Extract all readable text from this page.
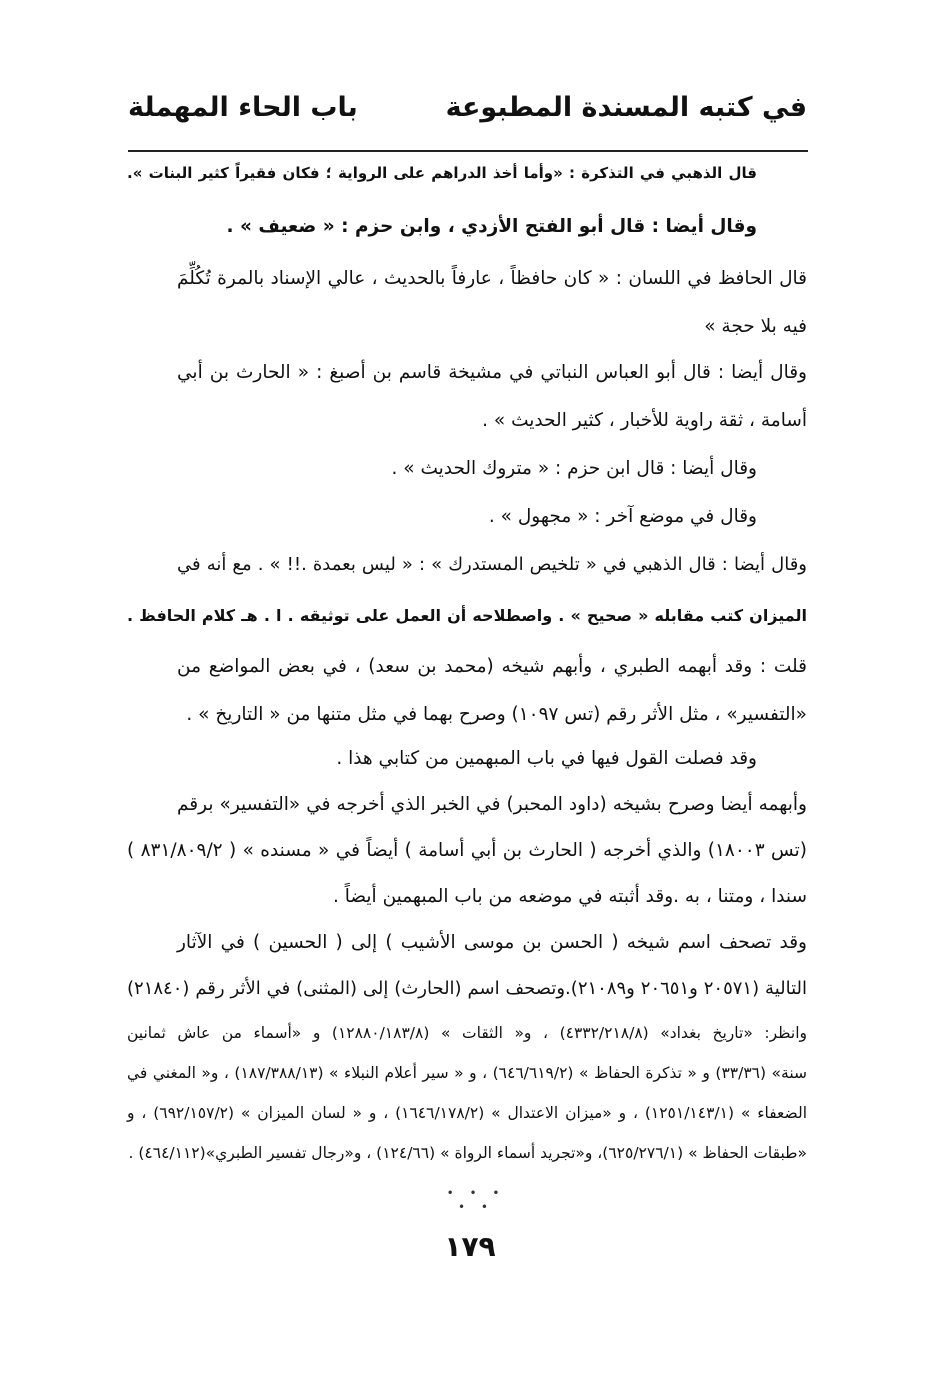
في كتبه المسندة المطبوعة
باب الحاء المهملة
قال الذهبي في التذكرة : «وأما أخذ الدراهم على الرواية ؛ فكان فقيراً كثير البنات ».
وقال أيضا : قال أبو الفتح الأزدي ، وابن حزم : « ضعيف » .
قال الحافظ في اللسان : « كان حافظاً ، عارفاً بالحديث ، عالي الإسناد بالمرة تُكُلِّمَ
فيه بلا حجة »
وقال أيضا : قال أبو العباس النباتي في مشيخة قاسم بن أصبغ : « الحارث بن أبي
أسامة ، ثقة راوية للأخبار ، كثير الحديث » .
وقال أيضا : قال ابن حزم : « متروك الحديث » .
وقال في موضع آخر : « مجهول » .
وقال أيضا : قال الذهبي في « تلخيص المستدرك » : « ليس بعمدة .!! » . مع أنه في
الميزان كتب مقابله « صحيح » . واصطلاحه أن العمل على توثيقه . ا . هـ كلام الحافظ .
قلت : وقد أبهمه الطبري ، وأبهم شيخه (محمد بن سعد) ، في بعض المواضع من
«التفسير» ، مثل الأثر رقم (تس ١٠٩٧) وصرح بهما في مثل متنها من « التاريخ » .
وقد فصلت القول فيها في باب المبهمين من كتابي هذا .
وأبهمه أيضا وصرح بشيخه (داود المحبر) في الخبر الذي أخرجه في «التفسير» برقم
(تس ١٨٠٠٣) والذي أخرجه ( الحارث بن أبي أسامة ) أيضاً في « مسنده » ( ٨٣١/٨٠٩/٢ )
سندا ، ومتنا ، به .وقد أثبته في موضعه من باب المبهمين أيضاً .
وقد تصحف اسم شيخه ( الحسن بن موسى الأشيب ) إلى ( الحسين ) في الآثار
التالية (٢٠٥٧١ و٢٠٦٥١ و٢١٠٨٩).وتصحف اسم (الحارث) إلى (المثنى) في الأثر رقم (٢١٨٤٠)
وانظر: «تاريخ بغداد» (٤٣٣٢/٢١٨/٨) ، و« الثقات » (١٢٨٨٠/١٨٣/٨) و «أسماء من عاش ثمانين
سنة» (٣٣/٣٦) و « تذكرة الحفاظ » (٦٤٦/٦١٩/٢) ، و « سير أعلام النبلاء » (١٨٧/٣٨٨/١٣) ، و« المغني في
الضعفاء » (١٢٥١/١٤٣/١) ، و «ميزان الاعتدال » (١٦٤٦/١٧٨/٢) ، و « لسان الميزان » (٦٩٢/١٥٧/٢) ، و
«طبقات الحفاظ » (٦٢٥/٢٧٦/١)، و«تجريد أسماء الرواة » (١٢٤/٦٦) ، و«رجال تفسير الطبري»(٤٦٤/١١٢) .
• • • • •
١٧٩
